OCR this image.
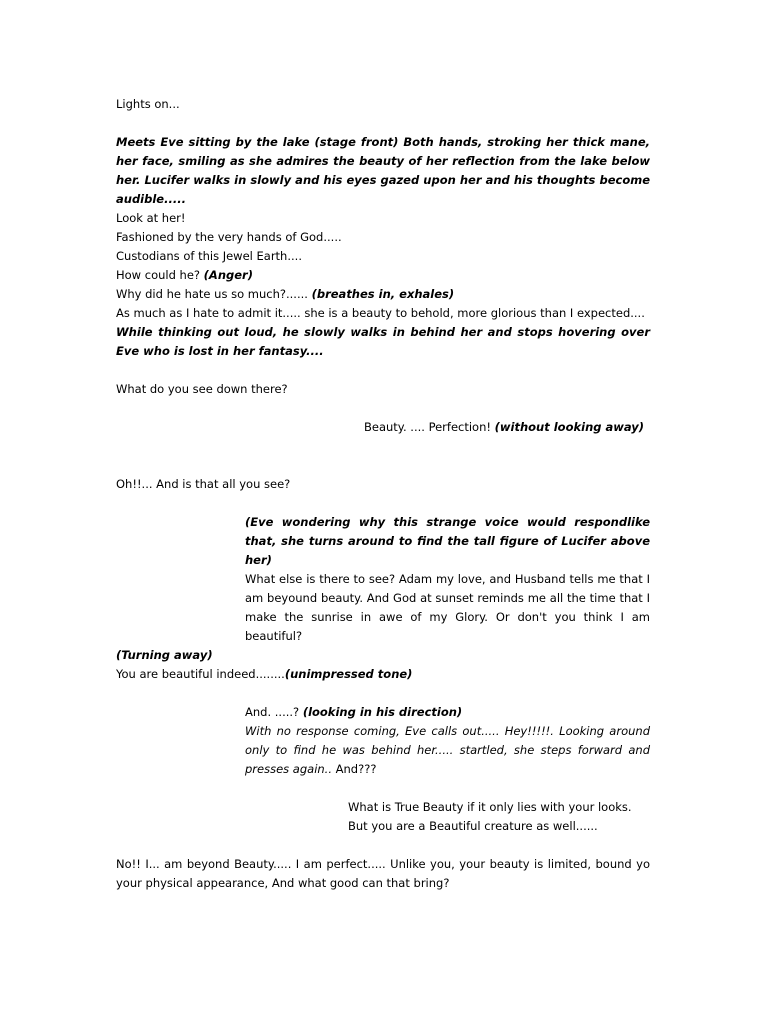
Lights on...

Meets Eve sitting by the lake (stage front) Both hands, stroking her thick mane, her face, smiling as she admires the beauty of her reflection from the lake below her. Lucifer walks in slowly and his eyes gazed upon her and his thoughts become audible.....

Look at her!

Fashioned by the very hands of God.....

Custodians of this Jewel Earth....

How could he? (Anger)

Why did he hate us so much?...... (breathes in, exhales)

As much as I hate to admit it..... she is a beauty to behold, more glorious than I expected....

While thinking out loud, he slowly walks in behind her and stops hovering over Eve who is lost in her fantasy....

What do you see down there?

Beauty. .... Perfection! (without looking away)

Oh!!... And is that all you see?

(Eve wondering why this strange voice would respondlike that, she turns around to find the tall figure of Lucifer above her)

What else is there to see? Adam my love, and Husband tells me that I am beyound beauty. And God at sunset reminds me all the time that I make the sunrise in awe of my Glory. Or don't you think I am beautiful?

(Turning away)

You are beautiful indeed........(unimpressed tone)

And. .....? (looking in his direction)

With no response coming, Eve calls out..... Hey!!!!!. Looking around only to find he was behind her..... startled, she steps forward and presses again.. And???

What is True Beauty if it only lies with your looks.

But you are a Beautiful creature as well......

No!! I... am beyond Beauty..... I am perfect..... Unlike you, your beauty is limited, bound yo your physical appearance, And what good can that bring?
